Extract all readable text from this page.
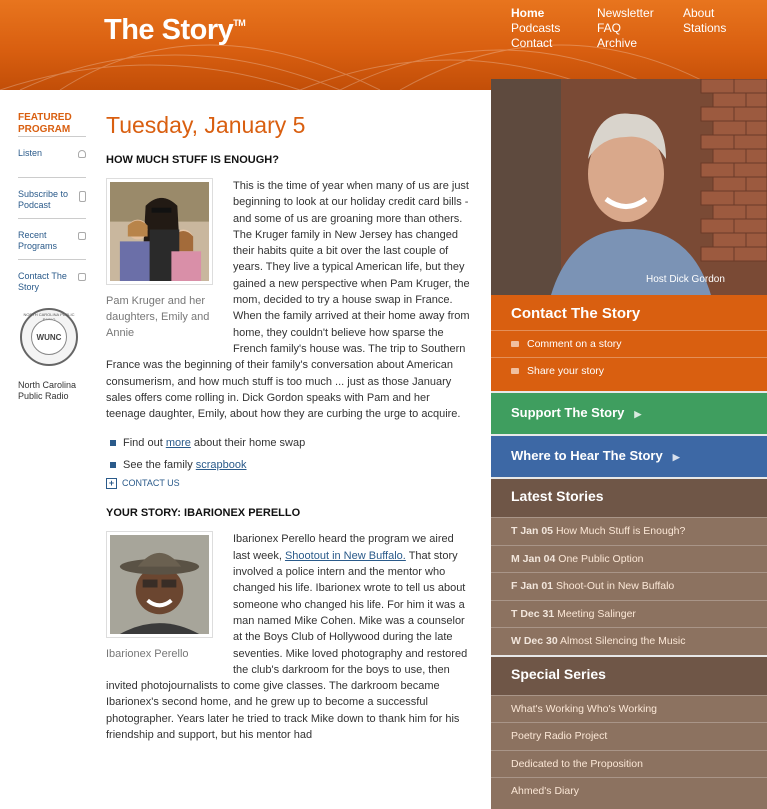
The Story™
Home
Podcasts
Contact
Newsletter
FAQ
Archive
About
Stations
FEATURED PROGRAM
Listen
Subscribe to Podcast
Recent Programs
Contact The Story
NORTH CAROLINA PUBLIC
WUNC
North Carolina Public Radio
Tuesday, January 5
HOW MUCH STUFF IS ENOUGH?
Pam Kruger and her daughters, Emily and Annie
This is the time of year when many of us are just beginning to look at our holiday credit card bills - and some of us are groaning more than others. The Kruger family in New Jersey has changed their habits quite a bit over the last couple of years. They live a typical American life, but they gained a new perspective when Pam Kruger, the mom, decided to try a house swap in France. When the family arrived at their home away from home, they couldn't believe how sparse the French family's house was. The trip to Southern France was the beginning of their family's conversation about American consumerism, and how much stuff is too much ... just as those January sales offers come rolling in. Dick Gordon speaks with Pam and her teenage daughter, Emily, about how they are curbing the urge to acquire.
Find out more about their home swap
See the family scrapbook
+ CONTACT US
YOUR STORY: IBARIONEX PERELLO
Ibarionex Perello
Ibarionex Perello heard the program we aired last week, Shootout in New Buffalo. That story involved a police intern and the mentor who changed his life. Ibarionex wrote to tell us about someone who changed his life. For him it was a man named Mike Cohen. Mike was a counselor at the Boys Club of Hollywood during the late seventies. Mike loved photography and restored the club's darkroom for the boys to use, then invited photojournalists to come give classes. The darkroom became Ibarionex's second home, and he grew up to become a successful photographer. Years later he tried to track Mike down to thank him for his friendship and support, but his mentor had
Host Dick Gordon
Contact The Story
Comment on a story
Share your story
Support The Story ▶
Where to Hear The Story ▶
Latest Stories
T Jan 05 How Much Stuff is Enough?
M Jan 04 One Public Option
F Jan 01 Shoot-Out in New Buffalo
T Dec 31 Meeting Salinger
W Dec 30 Almost Silencing the Music
Special Series
What's Working Who's Working
Poetry Radio Project
Dedicated to the Proposition
Ahmed's Diary
